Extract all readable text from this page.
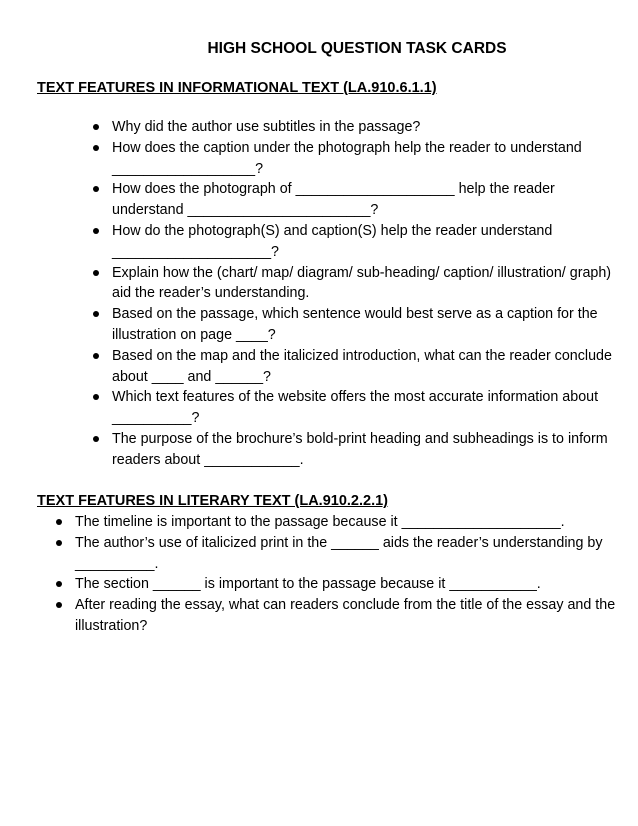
HIGH SCHOOL QUESTION TASK CARDS
TEXT FEATURES IN INFORMATIONAL TEXT (LA.910.6.1.1)
Why did the author use subtitles in the passage?
How does the caption under the photograph help the reader to understand __________________?
How does the photograph of ____________________ help the reader understand _______________________?
How do the photograph(S) and caption(S) help the reader understand ____________________?
Explain how the (chart/ map/ diagram/ sub-heading/ caption/ illustration/ graph) aid the reader’s understanding.
Based on the passage, which sentence would best serve as a caption for the illustration on page ____?
Based on the map and the italicized introduction, what can the reader conclude about ____ and ______?
Which text features of the website offers the most accurate information about __________?
The purpose of the brochure’s bold-print heading and subheadings is to inform readers about ____________.
TEXT FEATURES IN LITERARY TEXT (LA.910.2.2.1)
The timeline is important to the passage because it ____________________.
The author’s use of italicized print in the ______ aids the reader’s understanding by __________.
The section ______ is important to the passage because it ___________.
After reading the essay, what can readers conclude from the title of the essay and the illustration?
